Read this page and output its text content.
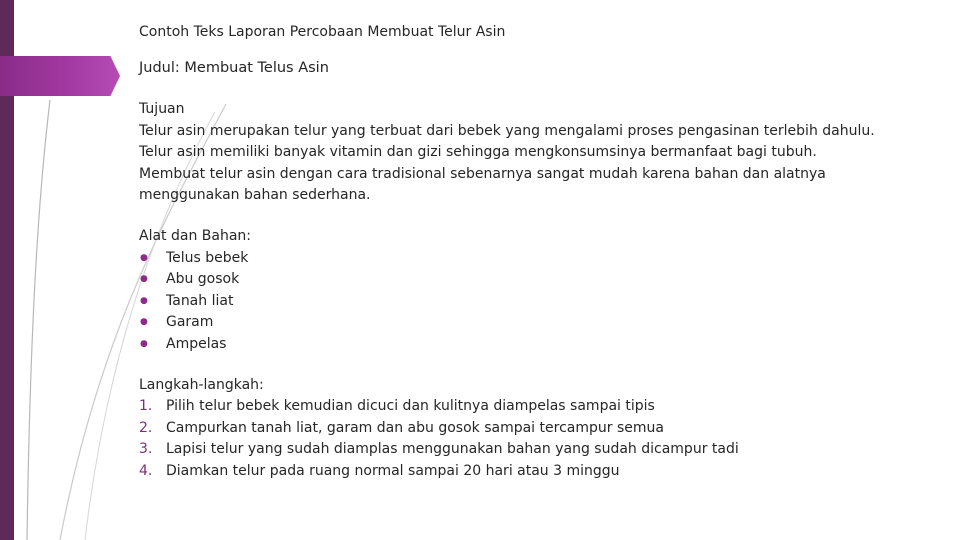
Contoh Teks Laporan Percobaan Membuat Telur Asin
Judul: Membuat Telus Asin
Tujuan
Telur asin merupakan telur yang terbuat dari bebek yang mengalami proses pengasinan terlebih dahulu.
Telur asin memiliki banyak vitamin dan gizi sehingga mengkonsumsinya bermanfaat bagi tubuh.
Membuat telur asin dengan cara tradisional sebenarnya sangat mudah karena bahan dan alatnya
menggunakan bahan sederhana.
Alat dan Bahan:
● Telus bebek
● Abu gosok
● Tanah liat
● Garam
● Ampelas
Langkah-langkah:
1. Pilih telur bebek kemudian dicuci dan kulitnya diampelas sampai tipis
2. Campurkan tanah liat, garam dan abu gosok sampai tercampur semua
3. Lapisi telur yang sudah diamplas menggunakan bahan yang sudah dicampur tadi
4. Diamkan telur pada ruang normal sampai 20 hari atau 3 minggu
